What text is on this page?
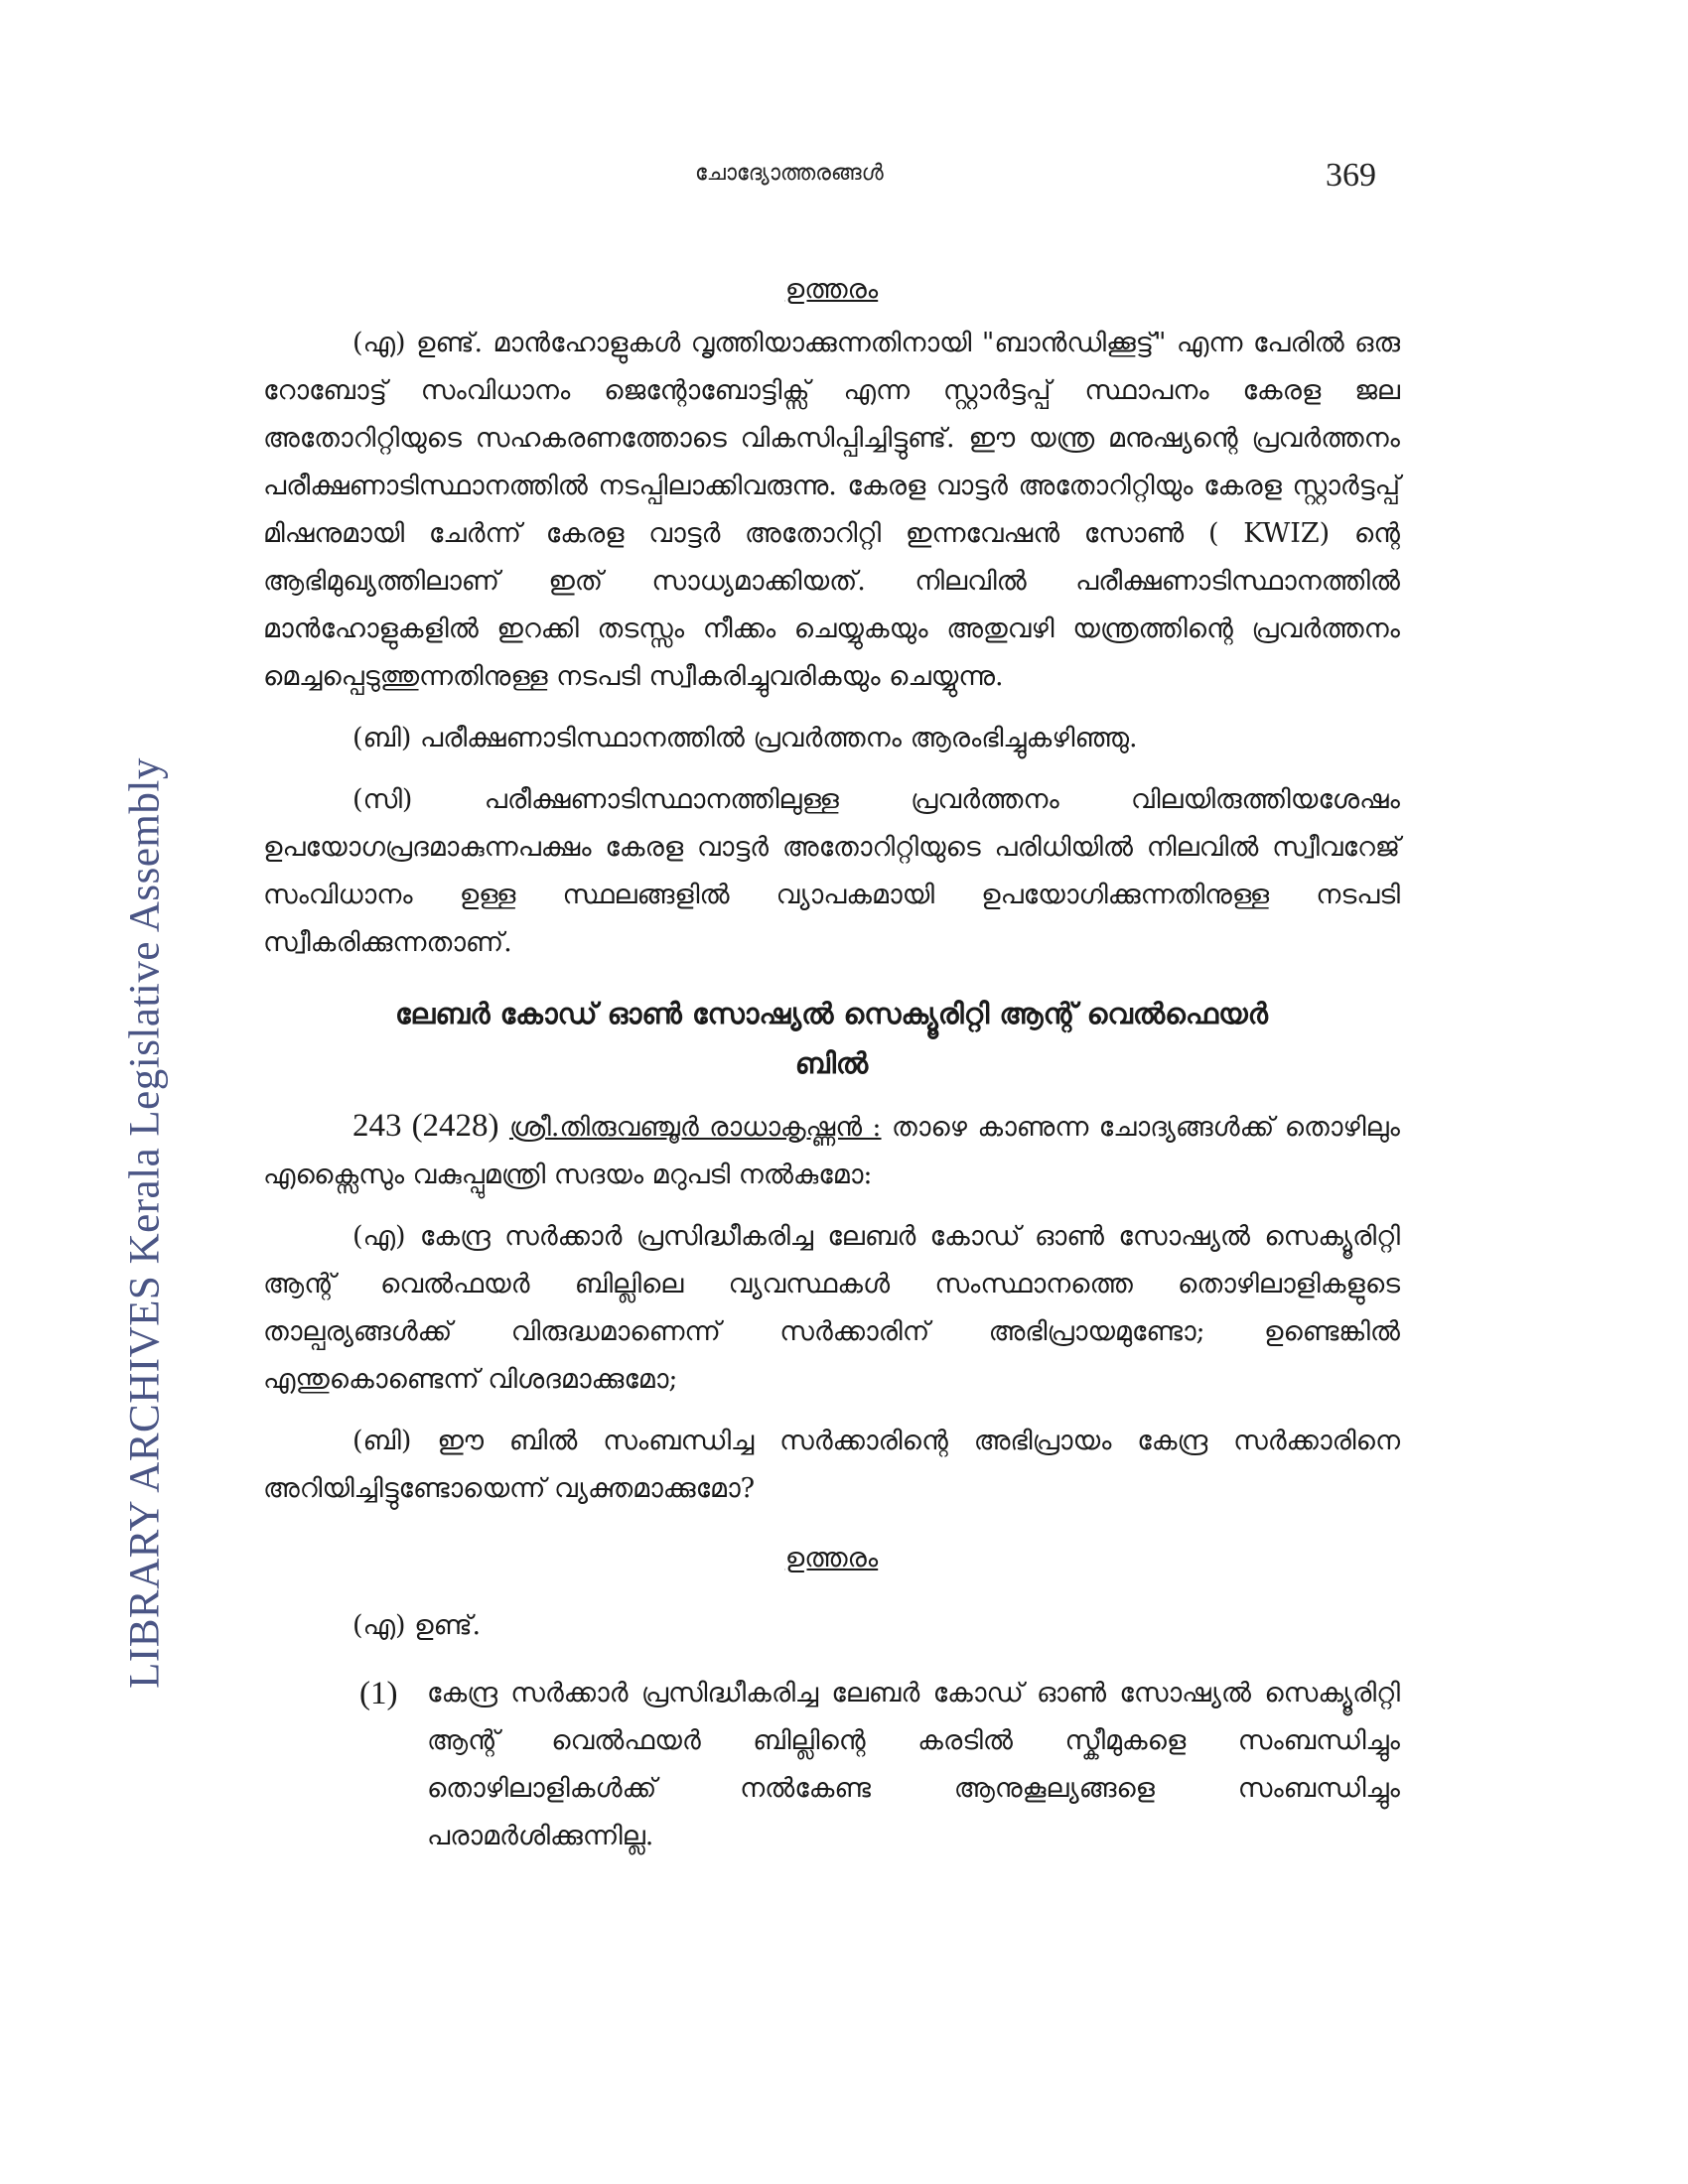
LIBRARY ARCHIVES Kerala Legislative Assembly
ചോദ്യോത്തരങ്ങൾ	369

ഉത്തരം

(എ) ഉണ്ട്. മാൻഹോളുകൾ വൃത്തിയാക്കുന്നതിനായി "ബാൻഡിക്കൂട്ട്" എന്ന പേരിൽ ഒരു റോബോട്ട് സംവിധാനം ജെന്റോബോട്ടിക്സ് എന്ന സ്റ്റാർട്ടപ്പ് സ്ഥാപനം കേരള ജല അതോറിറ്റിയുടെ സഹകരണത്തോടെ വികസിപ്പിച്ചിട്ടുണ്ട്. ഈ യന്ത്ര മനുഷ്യന്റെ പ്രവർത്തനം പരീക്ഷണാടിസ്ഥാനത്തിൽ നടപ്പിലാക്കിവരുന്നു. കേരള വാട്ടർ അതോറിറ്റിയും കേരള സ്റ്റാർട്ടപ്പ് മിഷനുമായി ചേർന്ന് കേരള വാട്ടർ അതോറിറ്റി ഇന്നവേഷൻ സോൺ ( KWIZ) ന്റെ ആഭിമുഖ്യത്തിലാണ് ഇത് സാധ്യമാക്കിയത്. നിലവിൽ പരീക്ഷണാടിസ്ഥാനത്തിൽ മാൻഹോളുകളിൽ ഇറക്കി തടസ്സം നീക്കം ചെയ്യുകയും അതുവഴി യന്ത്രത്തിന്റെ പ്രവർത്തനം മെച്ചപ്പെടുത്തുന്നതിനുള്ള നടപടി സ്വീകരിച്ചുവരികയും ചെയ്യുന്നു.

(ബി) പരീക്ഷണാടിസ്ഥാനത്തിൽ പ്രവർത്തനം ആരംഭിച്ചുകഴിഞ്ഞു.

(സി) പരീക്ഷണാടിസ്ഥാനത്തിലുള്ള പ്രവർത്തനം വിലയിരുത്തിയശേഷം ഉപയോഗപ്രദമാകുന്നപക്ഷം കേരള വാട്ടർ അതോറിറ്റിയുടെ പരിധിയിൽ നിലവിൽ സ്വീവറേജ് സംവിധാനം ഉള്ള സ്ഥലങ്ങളിൽ വ്യാപകമായി ഉപയോഗിക്കുന്നതിനുള്ള നടപടി സ്വീകരിക്കുന്നതാണ്.

ലേബർ കോഡ് ഓൺ സോഷ്യൽ സെക്യൂരിറ്റി ആന്റ് വെൽഫെയർ

ബിൽ

243 (2428) ശ്രീ.തിരുവഞ്ചൂർ രാധാകൃഷ്ണൻ : താഴെ കാണുന്ന ചോദ്യങ്ങൾക്ക് തൊഴിലും എക്സൈസും വകുപ്പുമന്ത്രി സദയം മറുപടി നൽകുമോ:

(എ) കേന്ദ്ര സർക്കാർ പ്രസിദ്ധീകരിച്ച ലേബർ കോഡ് ഓൺ സോഷ്യൽ സെക്യൂരിറ്റി ആന്റ് വെൽഫയർ ബില്ലിലെ വ്യവസ്ഥകൾ സംസ്ഥാനത്തെ തൊഴിലാളികളുടെ താല്പര്യങ്ങൾക്ക് വിരുദ്ധമാണെന്ന് സർക്കാരിന് അഭിപ്രായമുണ്ടോ; ഉണ്ടെങ്കിൽ എന്തുകൊണ്ടെന്ന് വിശദമാക്കുമോ;

(ബി) ഈ ബിൽ സംബന്ധിച്ച സർക്കാരിന്റെ അഭിപ്രായം കേന്ദ്ര സർക്കാരിനെ അറിയിച്ചിട്ടുണ്ടോയെന്ന് വ്യക്തമാക്കുമോ?

ഉത്തരം

(എ) ഉണ്ട്.

(1) കേന്ദ്ര സർക്കാർ പ്രസിദ്ധീകരിച്ച ലേബർ കോഡ് ഓൺ സോഷ്യൽ സെക്യൂരിറ്റി ആന്റ് വെൽഫയർ ബില്ലിന്റെ കരടിൽ സ്കീമുകളെ സംബന്ധിച്ചും തൊഴിലാളികൾക്ക് നൽകേണ്ട ആനുകൂല്യങ്ങളെ സംബന്ധിച്ചും പരാമർശിക്കുന്നില്ല.
